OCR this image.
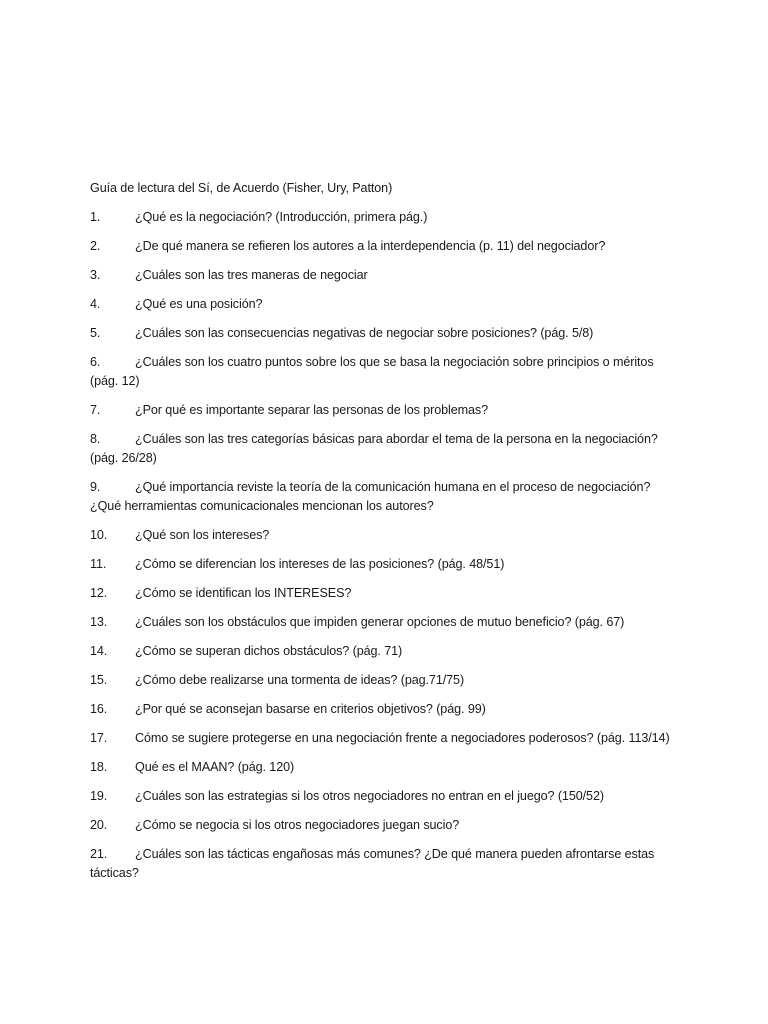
Guía de lectura del Sí, de Acuerdo (Fisher, Ury, Patton)
1.	¿Qué es la negociación? (Introducción, primera pág.)
2.	¿De qué manera se refieren los autores a la interdependencia (p. 11) del negociador?
3.	¿Cuáles son las tres maneras de negociar
4.	¿Qué es una posición?
5.	¿Cuáles son las consecuencias negativas de negociar sobre posiciones? (pág. 5/8)
6.	¿Cuáles son los cuatro puntos sobre los que se basa la negociación sobre principios o méritos (pág. 12)
7.	¿Por qué es importante separar las personas de los problemas?
8.	¿Cuáles son las tres categorías básicas para abordar el tema de la persona en la negociación? (pág. 26/28)
9.	¿Qué importancia reviste la teoría de la comunicación humana en el proceso de negociación? ¿Qué herramientas comunicacionales mencionan los autores?
10. ¿Qué son los intereses?
11. ¿Cómo se diferencian los intereses de las posiciones? (pág. 48/51)
12. ¿Cómo se identifican los INTERESES?
13. ¿Cuáles son los obstáculos que impiden generar opciones de mutuo beneficio? (pág. 67)
14. ¿Cómo se superan dichos obstáculos? (pág. 71)
15. ¿Cómo debe realizarse una tormenta de ideas? (pag.71/75)
16. ¿Por qué se aconsejan basarse en criterios objetivos? (pág. 99)
17. Cómo se sugiere protegerse en una negociación frente a negociadores poderosos? (pág. 113/14)
18. Qué es el MAAN? (pág. 120)
19. ¿Cuáles son las estrategias si los otros negociadores no entran en el juego? (150/52)
20. ¿Cómo se negocia si los otros negociadores juegan sucio?
21. ¿Cuáles son las tácticas engañosas más comunes? ¿De qué manera pueden afrontarse estas tácticas?
